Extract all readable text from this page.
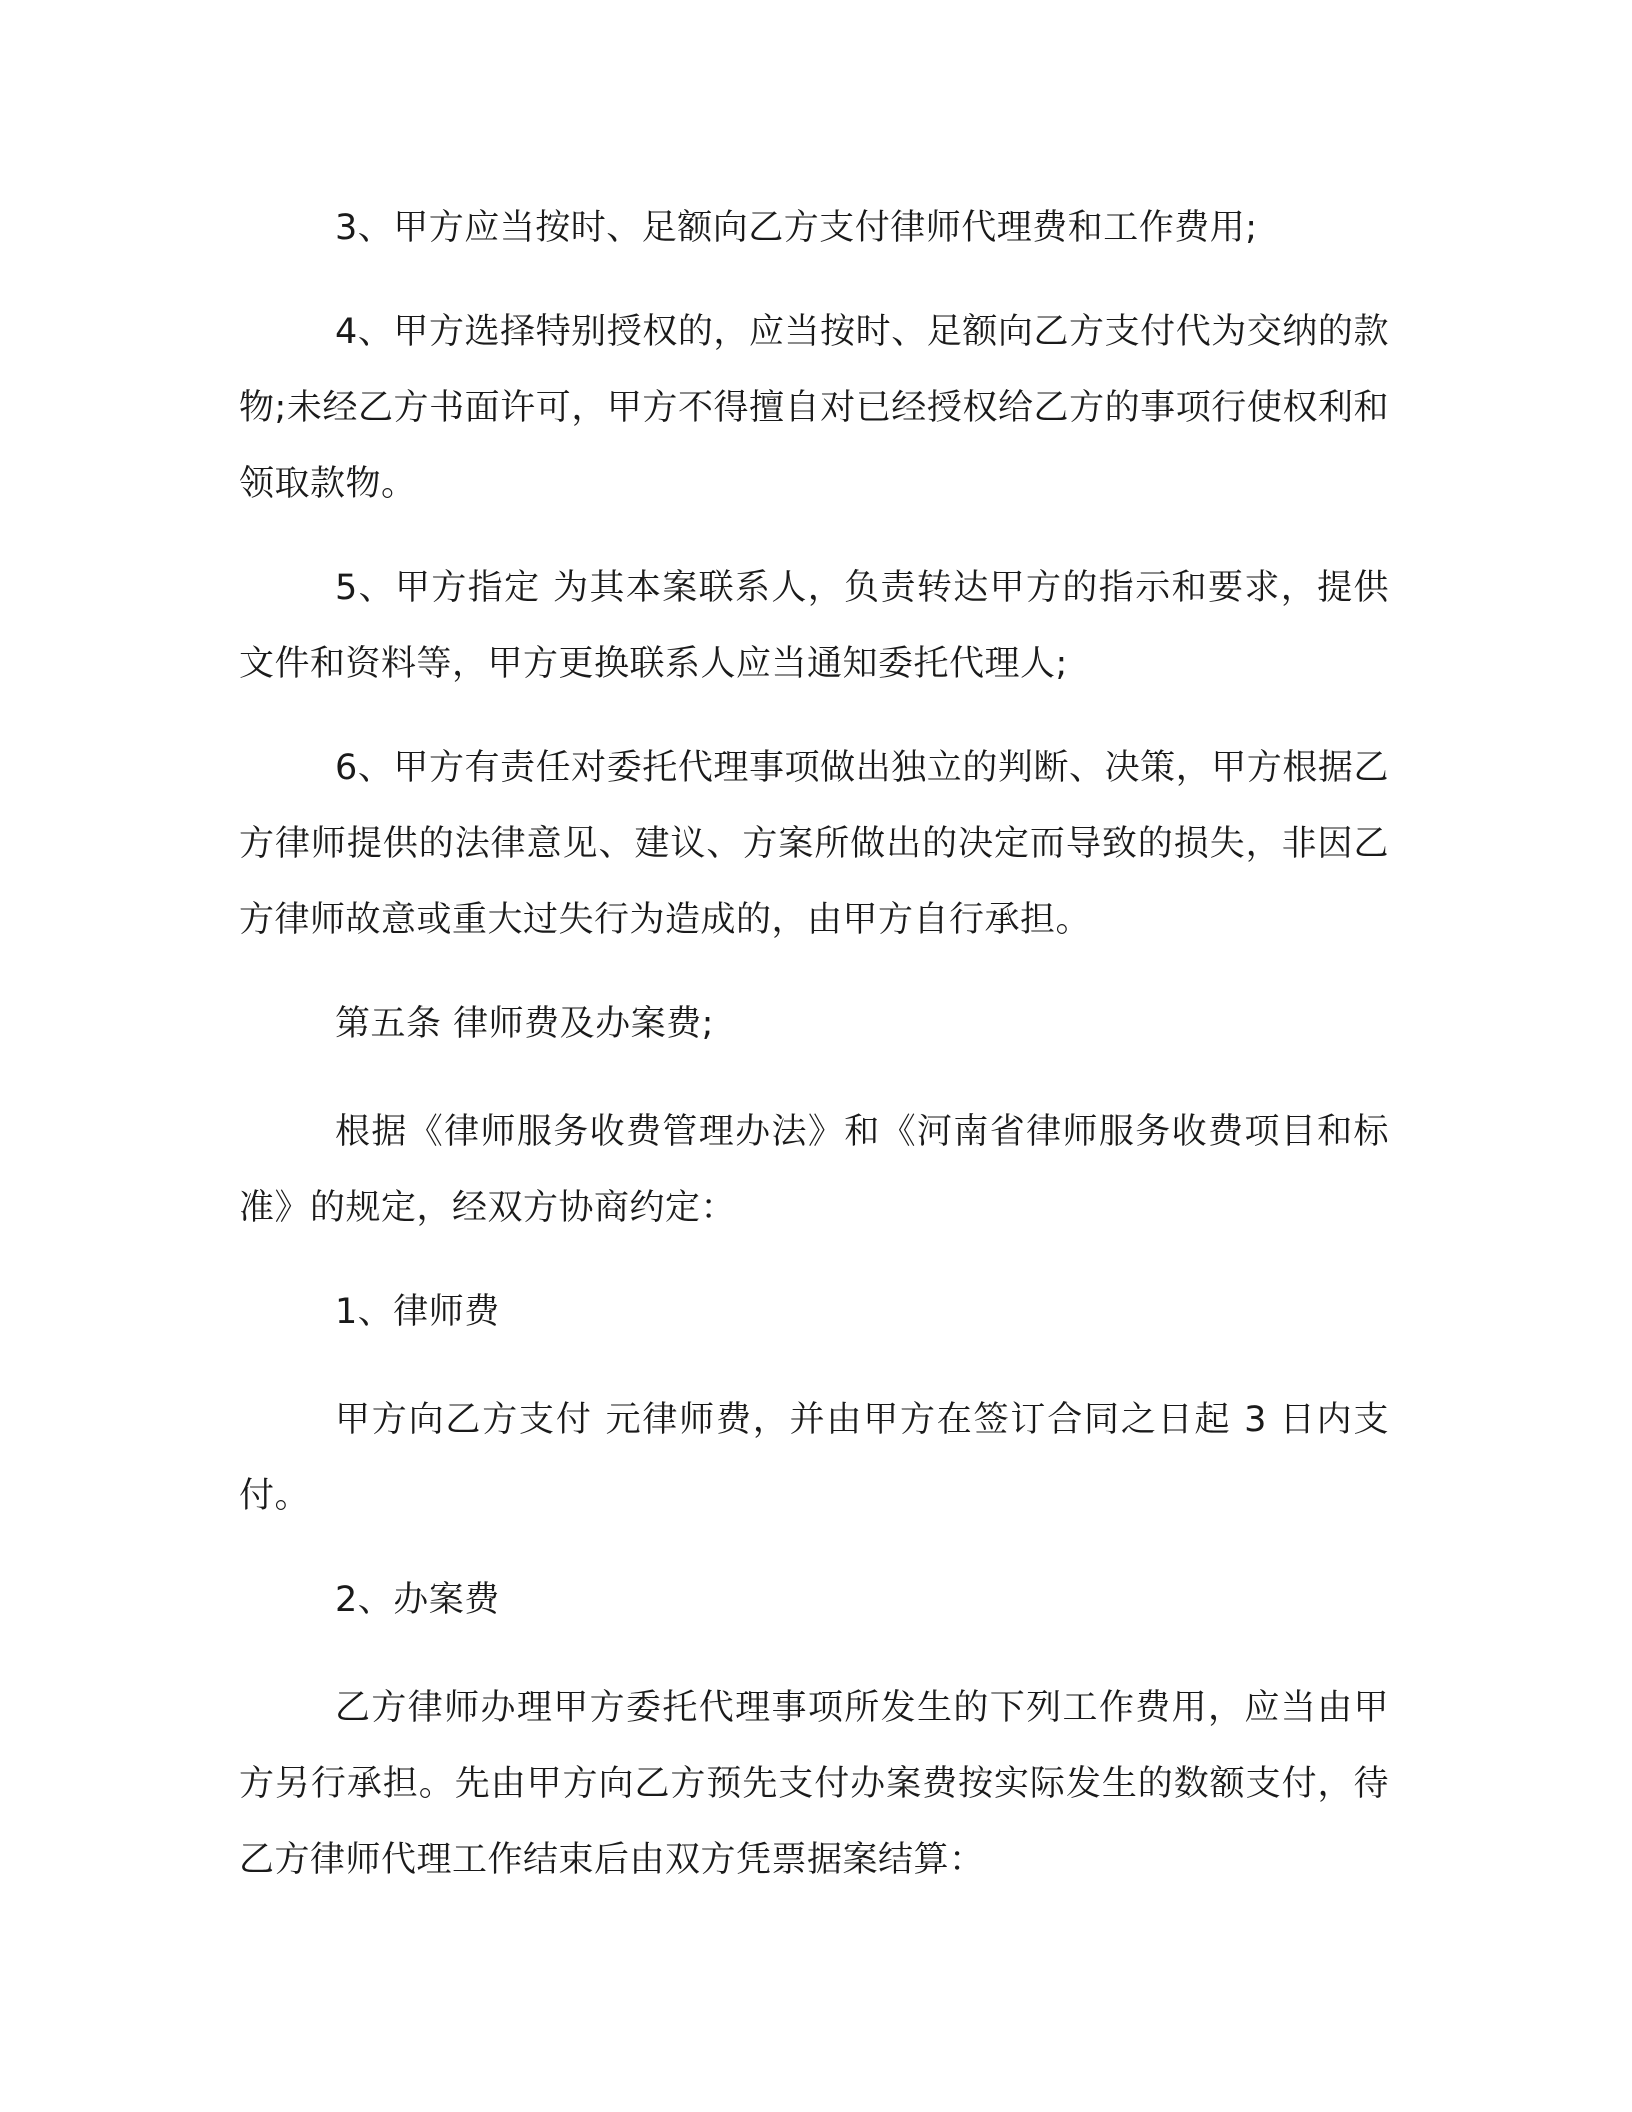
3、甲方应当按时、足额向乙方支付律师代理费和工作费用;

4、甲方选择特别授权的，应当按时、足额向乙方支付代为交纳的款物;未经乙方书面许可，甲方不得擅自对已经授权给乙方的事项行使权利和领取款物。

5、甲方指定 为其本案联系人，负责转达甲方的指示和要求，提供文件和资料等，甲方更换联系人应当通知委托代理人;

6、甲方有责任对委托代理事项做出独立的判断、决策，甲方根据乙方律师提供的法律意见、建议、方案所做出的决定而导致的损失，非因乙方律师故意或重大过失行为造成的，由甲方自行承担。

第五条 律师费及办案费;

根据《律师服务收费管理办法》和《河南省律师服务收费项目和标准》的规定，经双方协商约定：

1、律师费

甲方向乙方支付 元律师费，并由甲方在签订合同之日起 3 日内支付。

2、办案费

乙方律师办理甲方委托代理事项所发生的下列工作费用，应当由甲方另行承担。先由甲方向乙方预先支付办案费按实际发生的数额支付，待乙方律师代理工作结束后由双方凭票据案结算：
